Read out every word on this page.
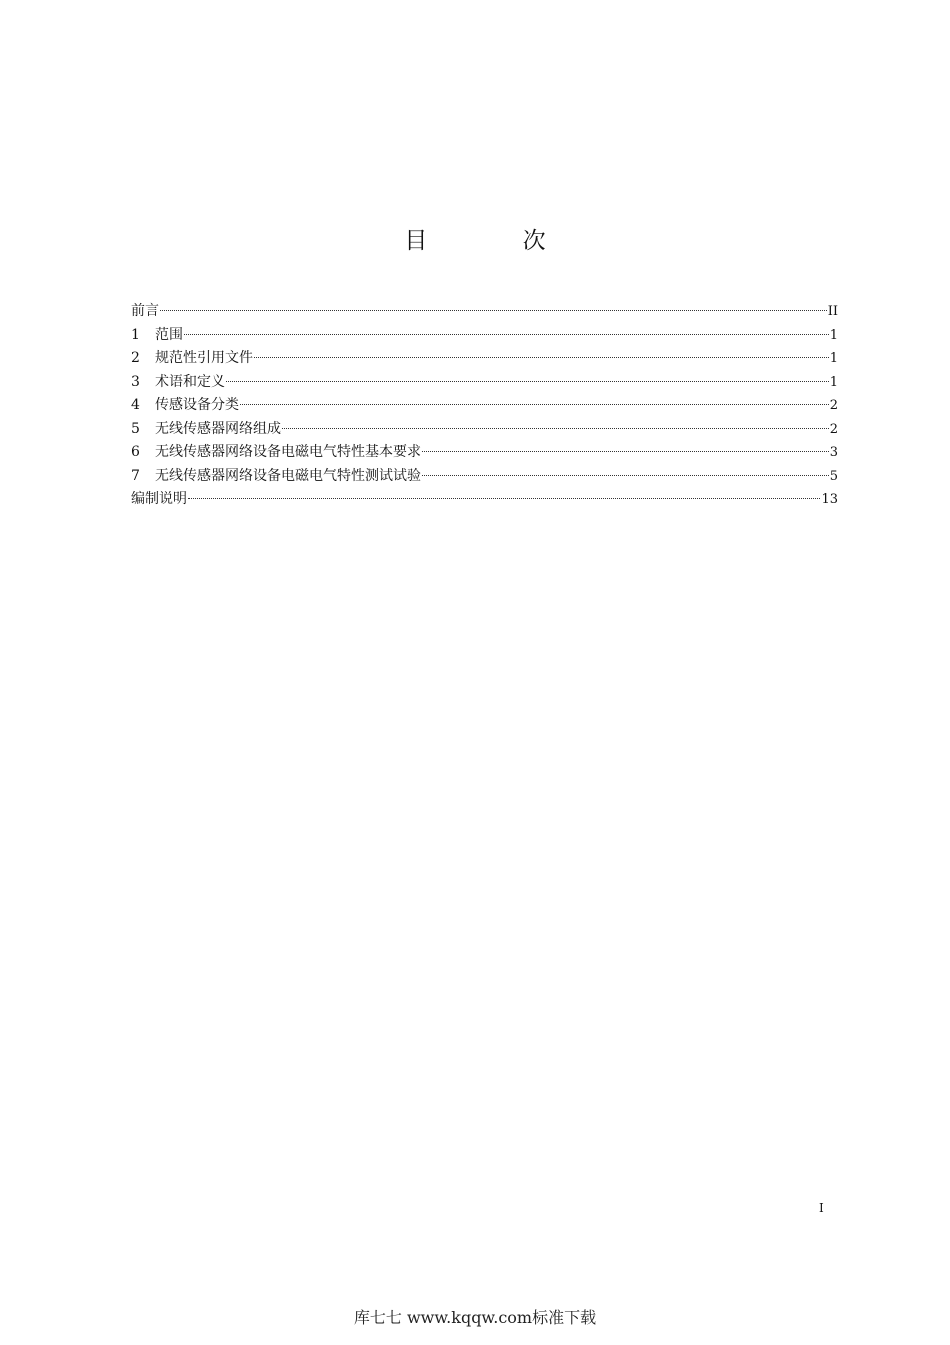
目 次
前言	II
1	范围	1
2	规范性引用文件	1
3	术语和定义	1
4	传感设备分类	2
5	无线传感器网络组成	2
6	无线传感器网络设备电磁电气特性基本要求	3
7	无线传感器网络设备电磁电气特性测试试验	5
编制说明	13
I
库七七 www.kqqw.com标准下载
